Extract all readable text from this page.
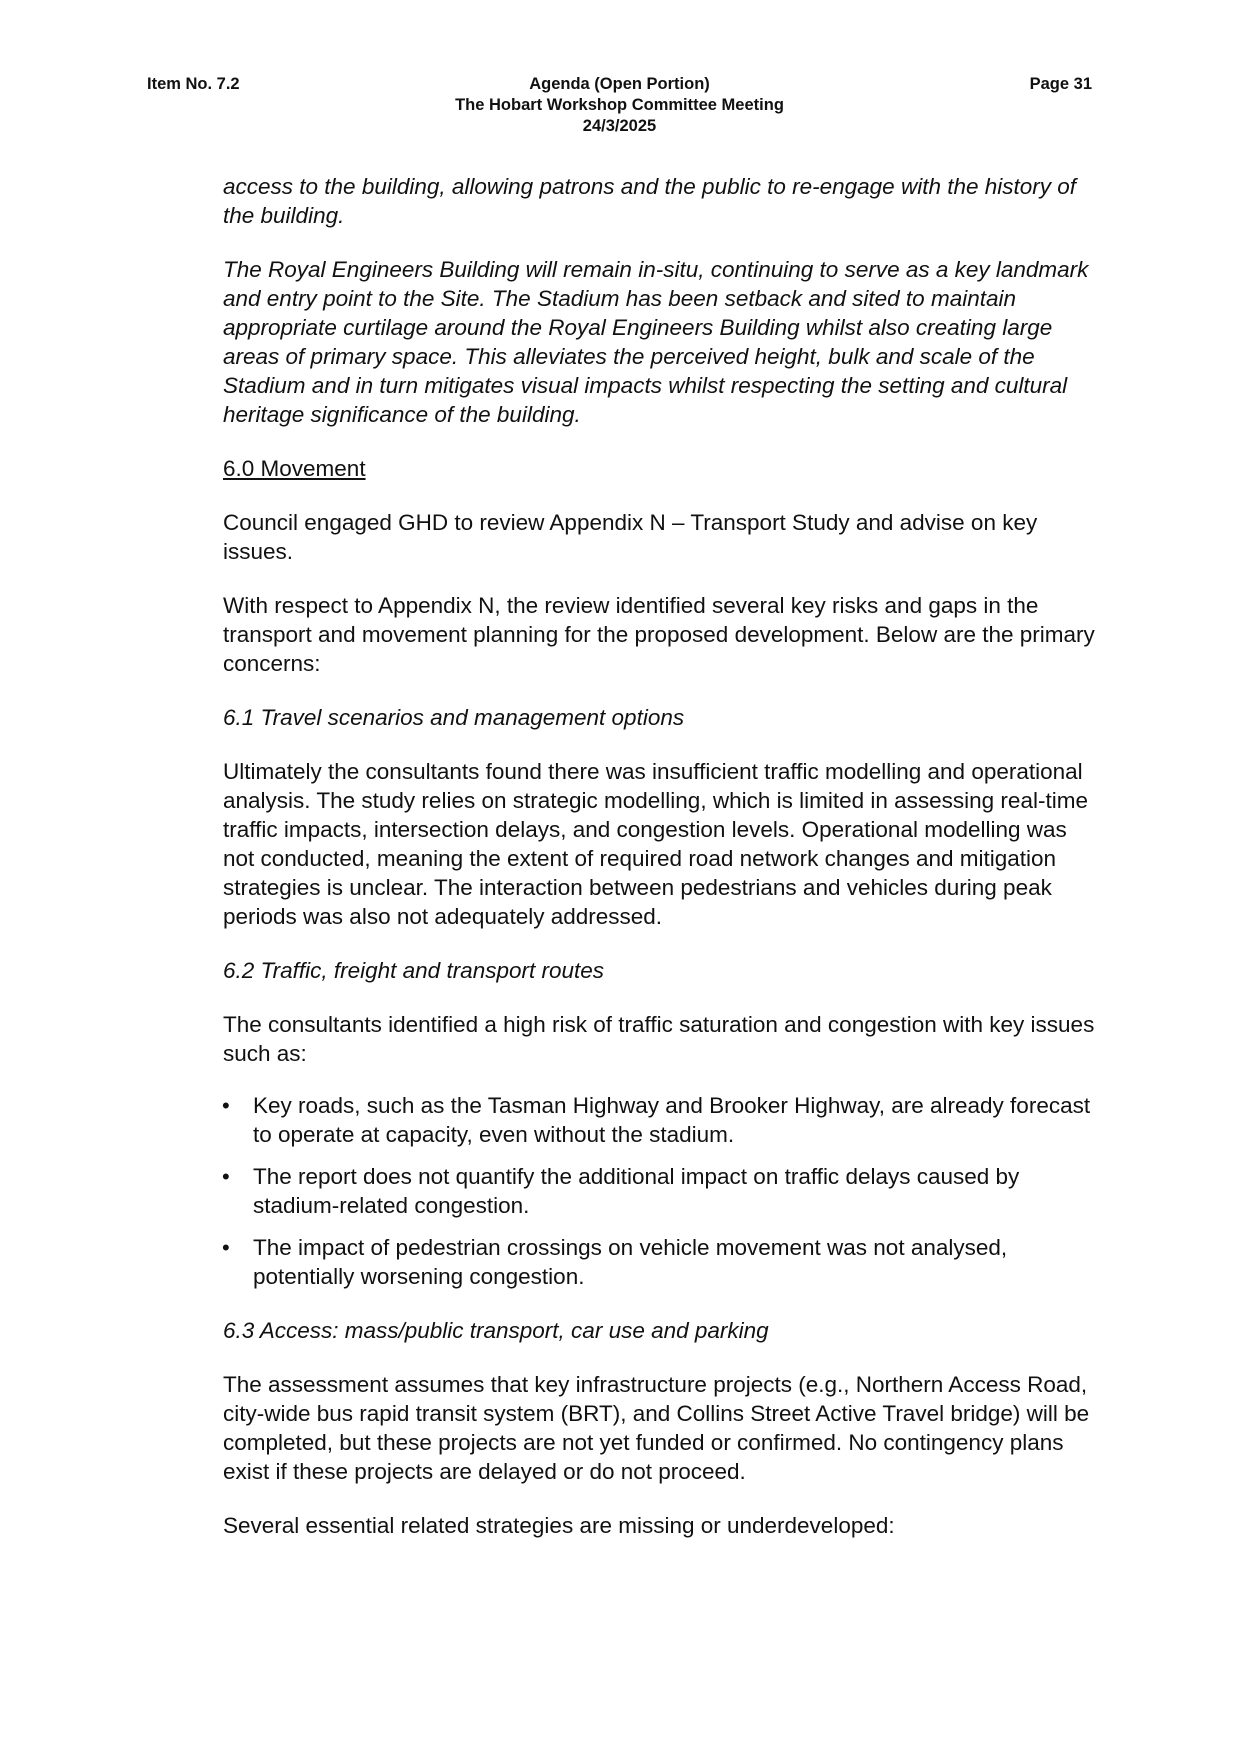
Item No. 7.2	Agenda (Open Portion)
The Hobart Workshop Committee Meeting
24/3/2025
Page 31

access to the building, allowing patrons and the public to re-engage with the history of the building.

The Royal Engineers Building will remain in-situ, continuing to serve as a key landmark and entry point to the Site. The Stadium has been setback and sited to maintain appropriate curtilage around the Royal Engineers Building whilst also creating large areas of primary space. This alleviates the perceived height, bulk and scale of the Stadium and in turn mitigates visual impacts whilst respecting the setting and cultural heritage significance of the building.

6.0 Movement

Council engaged GHD to review Appendix N – Transport Study and advise on key issues.

With respect to Appendix N, the review identified several key risks and gaps in the transport and movement planning for the proposed development. Below are the primary concerns:

6.1 Travel scenarios and management options

Ultimately the consultants found there was insufficient traffic modelling and operational analysis. The study relies on strategic modelling, which is limited in assessing real-time traffic impacts, intersection delays, and congestion levels. Operational modelling was not conducted, meaning the extent of required road network changes and mitigation strategies is unclear. The interaction between pedestrians and vehicles during peak periods was also not adequately addressed.

6.2 Traffic, freight and transport routes

The consultants identified a high risk of traffic saturation and congestion with key issues such as:

• Key roads, such as the Tasman Highway and Brooker Highway, are already forecast to operate at capacity, even without the stadium.
• The report does not quantify the additional impact on traffic delays caused by stadium-related congestion.
• The impact of pedestrian crossings on vehicle movement was not analysed, potentially worsening congestion.

6.3 Access: mass/public transport, car use and parking

The assessment assumes that key infrastructure projects (e.g., Northern Access Road, city-wide bus rapid transit system (BRT), and Collins Street Active Travel bridge) will be completed, but these projects are not yet funded or confirmed. No contingency plans exist if these projects are delayed or do not proceed.

Several essential related strategies are missing or underdeveloped:
